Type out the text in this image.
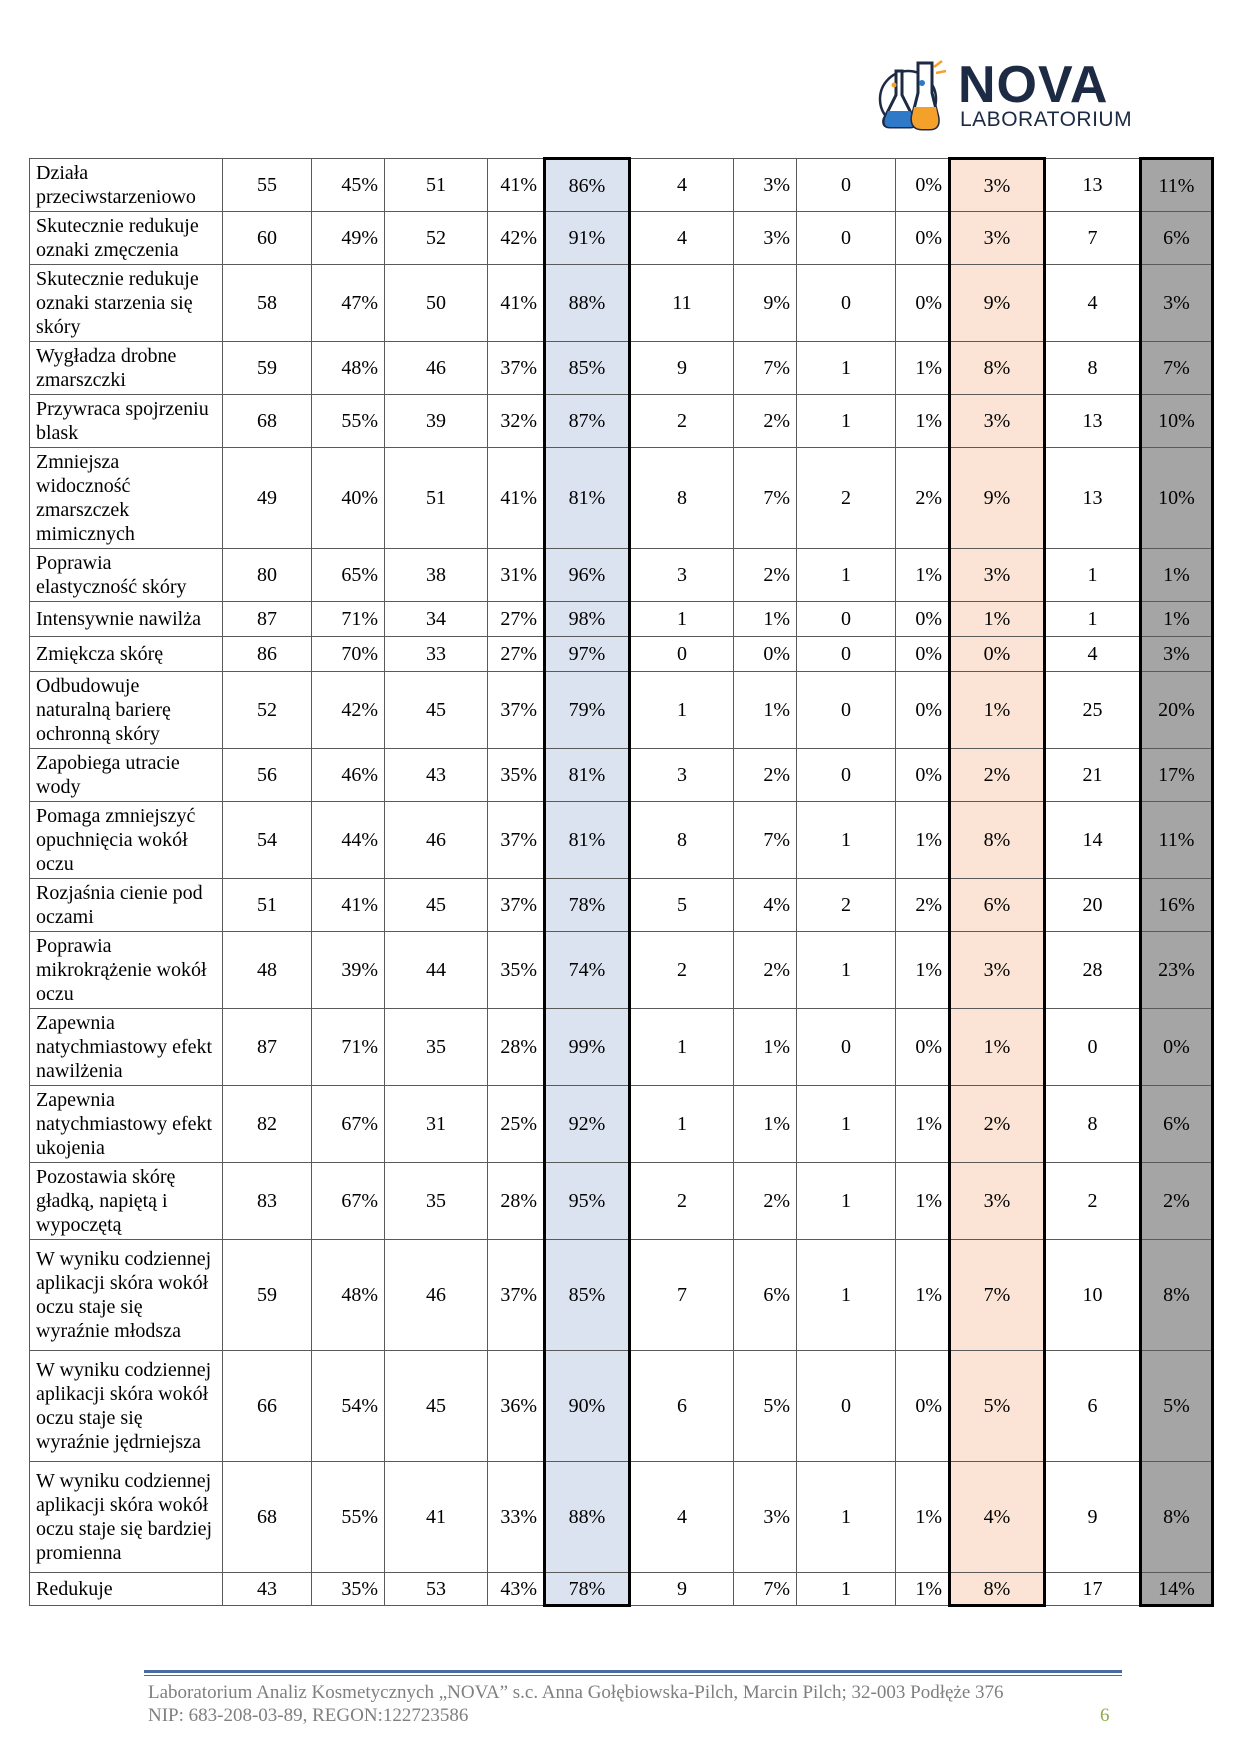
NOVA
LABORATORIUM
Działa przeciwstarzeniowo	55	45%	51	41%	86%	4	3%	0	0%	3%	13	11%
Skutecznie redukuje oznaki zmęczenia	60	49%	52	42%	91%	4	3%	0	0%	3%	7	6%
Skutecznie redukuje oznaki starzenia się skóry	58	47%	50	41%	88%	11	9%	0	0%	9%	4	3%
Wygładza drobne zmarszczki	59	48%	46	37%	85%	9	7%	1	1%	8%	8	7%
Przywraca spojrzeniu blask	68	55%	39	32%	87%	2	2%	1	1%	3%	13	10%
Zmniejsza widoczność zmarszczek mimicznych	49	40%	51	41%	81%	8	7%	2	2%	9%	13	10%
Poprawia elastyczność skóry	80	65%	38	31%	96%	3	2%	1	1%	3%	1	1%
Intensywnie nawilża	87	71%	34	27%	98%	1	1%	0	0%	1%	1	1%
Zmiękcza skórę	86	70%	33	27%	97%	0	0%	0	0%	0%	4	3%
Odbudowuje naturalną barierę ochronną skóry	52	42%	45	37%	79%	1	1%	0	0%	1%	25	20%
Zapobiega utracie wody	56	46%	43	35%	81%	3	2%	0	0%	2%	21	17%
Pomaga zmniejszyć opuchnięcia wokół oczu	54	44%	46	37%	81%	8	7%	1	1%	8%	14	11%
Rozjaśnia cienie pod oczami	51	41%	45	37%	78%	5	4%	2	2%	6%	20	16%
Poprawia mikrokrążenie wokół oczu	48	39%	44	35%	74%	2	2%	1	1%	3%	28	23%
Zapewnia natychmiastowy efekt nawilżenia	87	71%	35	28%	99%	1	1%	0	0%	1%	0	0%
Zapewnia natychmiastowy efekt ukojenia	82	67%	31	25%	92%	1	1%	1	1%	2%	8	6%
Pozostawia skórę gładką, napiętą i wypoczętą	83	67%	35	28%	95%	2	2%	1	1%	3%	2	2%
W wyniku codziennej aplikacji skóra wokół oczu staje się wyraźnie młodsza	59	48%	46	37%	85%	7	6%	1	1%	7%	10	8%
W wyniku codziennej aplikacji skóra wokół oczu staje się wyraźnie jędrniejsza	66	54%	45	36%	90%	6	5%	0	0%	5%	6	5%
W wyniku codziennej aplikacji skóra wokół oczu staje się bardziej promienna	68	55%	41	33%	88%	4	3%	1	1%	4%	9	8%
Redukuje	43	35%	53	43%	78%	9	7%	1	1%	8%	17	14%
Laboratorium Analiz Kosmetycznych „NOVA” s.c. Anna Gołębiowska-Pilch, Marcin Pilch; 32-003 Podłęże 376
NIP: 683-208-03-89, REGON:122723586	6
